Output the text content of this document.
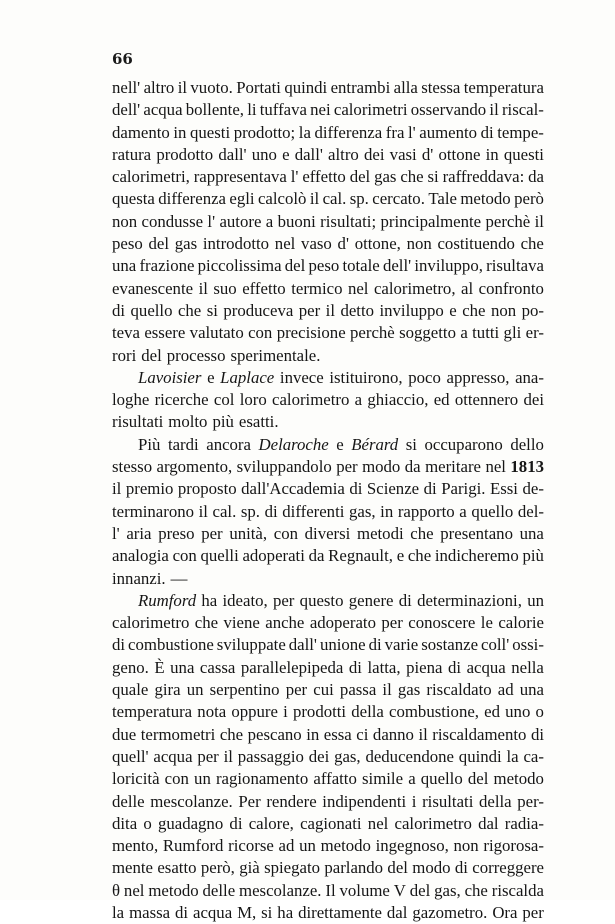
66
nell' altro il vuoto. Portati quindi entrambi alla stessa temperatura
dell' acqua bollente, li tuffava nei calorimetri osservando il riscal-
damento in questi prodotto; la differenza fra l' aumento di tempe-
ratura prodotto dall' uno e dall' altro dei vasi d' ottone in questi
calorimetri, rappresentava l' effetto del gas che si raffreddava: da
questa differenza egli calcolò il cal. sp. cercato. Tale metodo però
non condusse l' autore a buoni risultati; principalmente perchè il
peso del gas introdotto nel vaso d' ottone, non costituendo che
una frazione piccolissima del peso totale dell' inviluppo, risultava
evanescente il suo effetto termico nel calorimetro, al confronto
di quello che si produceva per il detto inviluppo e che non po-
teva essere valutato con precisione perchè soggetto a tutti gli er-
rori del processo sperimentale.
Lavoisier e Laplace invece istituirono, poco appresso, ana-
loghe ricerche col loro calorimetro a ghiaccio, ed ottennero dei
risultati molto più esatti.
Più tardi ancora Delaroche e Bérard si occuparono dello
stesso argomento, sviluppandolo per modo da meritare nel 1813
il premio proposto dall'Accademia di Scienze di Parigi. Essi de-
terminarono il cal. sp. di differenti gas, in rapporto a quello del-
l' aria preso per unità, con diversi metodi che presentano una
analogia con quelli adoperati da Regnault, e che indicheremo più
innanzi. —
Rumford ha ideato, per questo genere di determinazioni, un
calorimetro che viene anche adoperato per conoscere le calorie
di combustione sviluppate dall' unione di varie sostanze coll' ossi-
geno. È una cassa parallelepipeda di latta, piena di acqua nella
quale gira un serpentino per cui passa il gas riscaldato ad una
temperatura nota oppure i prodotti della combustione, ed uno o
due termometri che pescano in essa ci danno il riscaldamento di
quell' acqua per il passaggio dei gas, deducendone quindi la ca-
loricità con un ragionamento affatto simile a quello del metodo
delle mescolanze. Per rendere indipendenti i risultati della per-
dita o guadagno di calore, cagionati nel calorimetro dal radia-
mento, Rumford ricorse ad un metodo ingegnoso, non rigorosa-
mente esatto però, già spiegato parlando del modo di correggere
θ nel metodo delle mescolanze. Il volume V del gas, che riscalda
la massa di acqua M, si ha direttamente dal gazometro. Ora per
